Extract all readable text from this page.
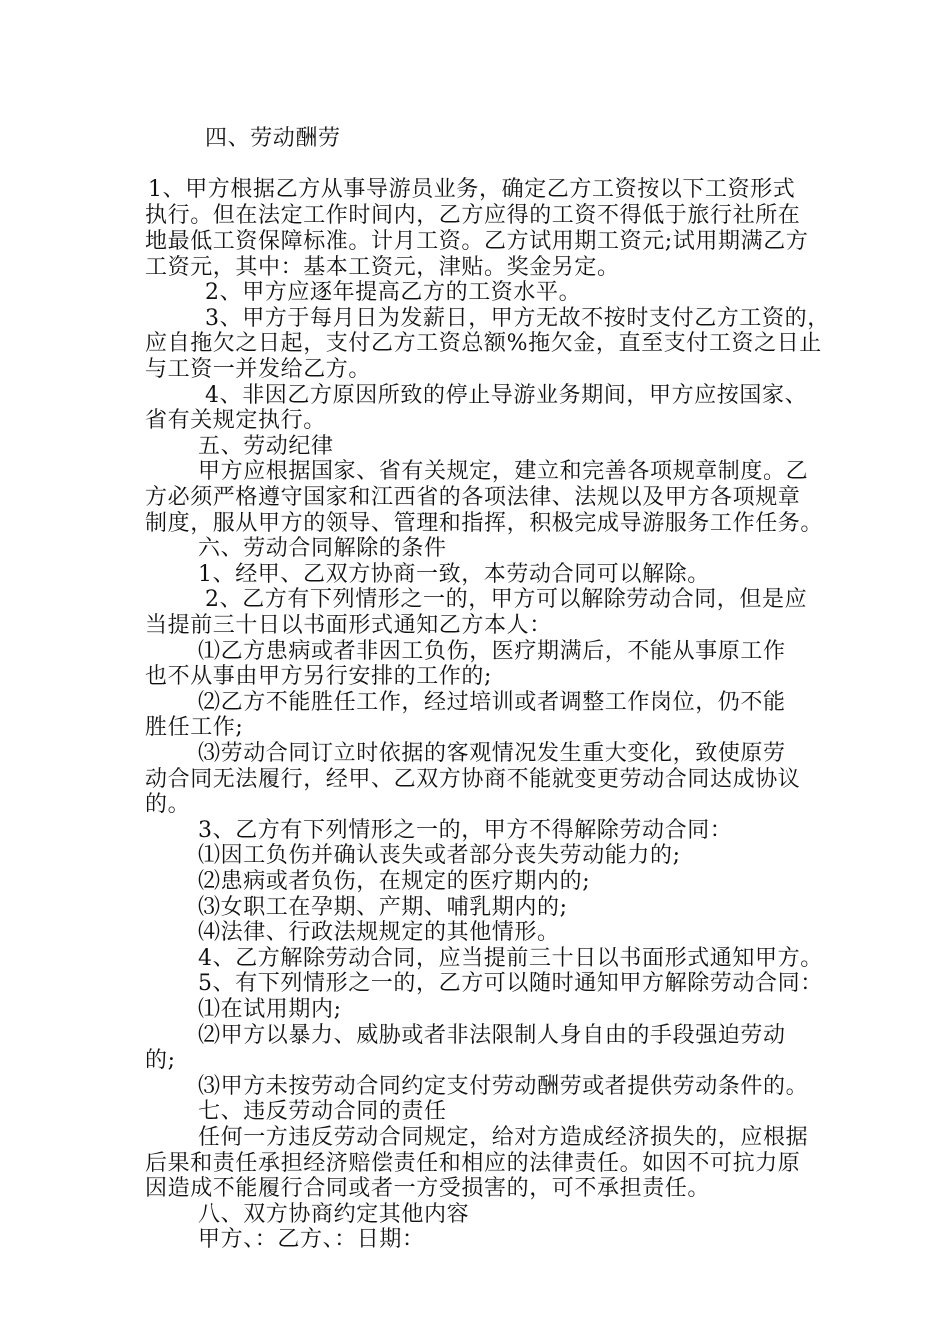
四、劳动酬劳
1、甲方根据乙方从事导游员业务，确定乙方工资按以下工资形式
执行。但在法定工作时间内，乙方应得的工资不得低于旅行社所在
地最低工资保障标准。计月工资。乙方试用期工资元;试用期满乙方
工资元，其中：基本工资元，津贴。奖金另定。
2、甲方应逐年提高乙方的工资水平。
3、甲方于每月日为发薪日，甲方无故不按时支付乙方工资的，
应自拖欠之日起，支付乙方工资总额%拖欠金，直至支付工资之日止
与工资一并发给乙方。
4、非因乙方原因所致的停止导游业务期间，甲方应按国家、
省有关规定执行。
五、劳动纪律
甲方应根据国家、省有关规定，建立和完善各项规章制度。乙
方必须严格遵守国家和江西省的各项法律、法规以及甲方各项规章
制度，服从甲方的领导、管理和指挥，积极完成导游服务工作任务。
六、劳动合同解除的条件
1、经甲、乙双方协商一致，本劳动合同可以解除。
2、乙方有下列情形之一的，甲方可以解除劳动合同，但是应
当提前三十日以书面形式通知乙方本人：
⑴乙方患病或者非因工负伤，医疗期满后，不能从事原工作
也不从事由甲方另行安排的工作的;
⑵乙方不能胜任工作，经过培训或者调整工作岗位，仍不能
胜任工作;
⑶劳动合同订立时依据的客观情况发生重大变化，致使原劳
动合同无法履行，经甲、乙双方协商不能就变更劳动合同达成协议
的。
3、乙方有下列情形之一的，甲方不得解除劳动合同：
⑴因工负伤并确认丧失或者部分丧失劳动能力的;
⑵患病或者负伤，在规定的医疗期内的;
⑶女职工在孕期、产期、哺乳期内的;
⑷法律、行政法规规定的其他情形。
4、乙方解除劳动合同，应当提前三十日以书面形式通知甲方。
5、有下列情形之一的，乙方可以随时通知甲方解除劳动合同：
⑴在试用期内;
⑵甲方以暴力、威胁或者非法限制人身自由的手段强迫劳动
的;
⑶甲方未按劳动合同约定支付劳动酬劳或者提供劳动条件的。
七、违反劳动合同的责任
任何一方违反劳动合同规定，给对方造成经济损失的，应根据
后果和责任承担经济赔偿责任和相应的法律责任。如因不可抗力原
因造成不能履行合同或者一方受损害的，可不承担责任。
八、双方协商约定其他内容
甲方、：乙方、：日期：
